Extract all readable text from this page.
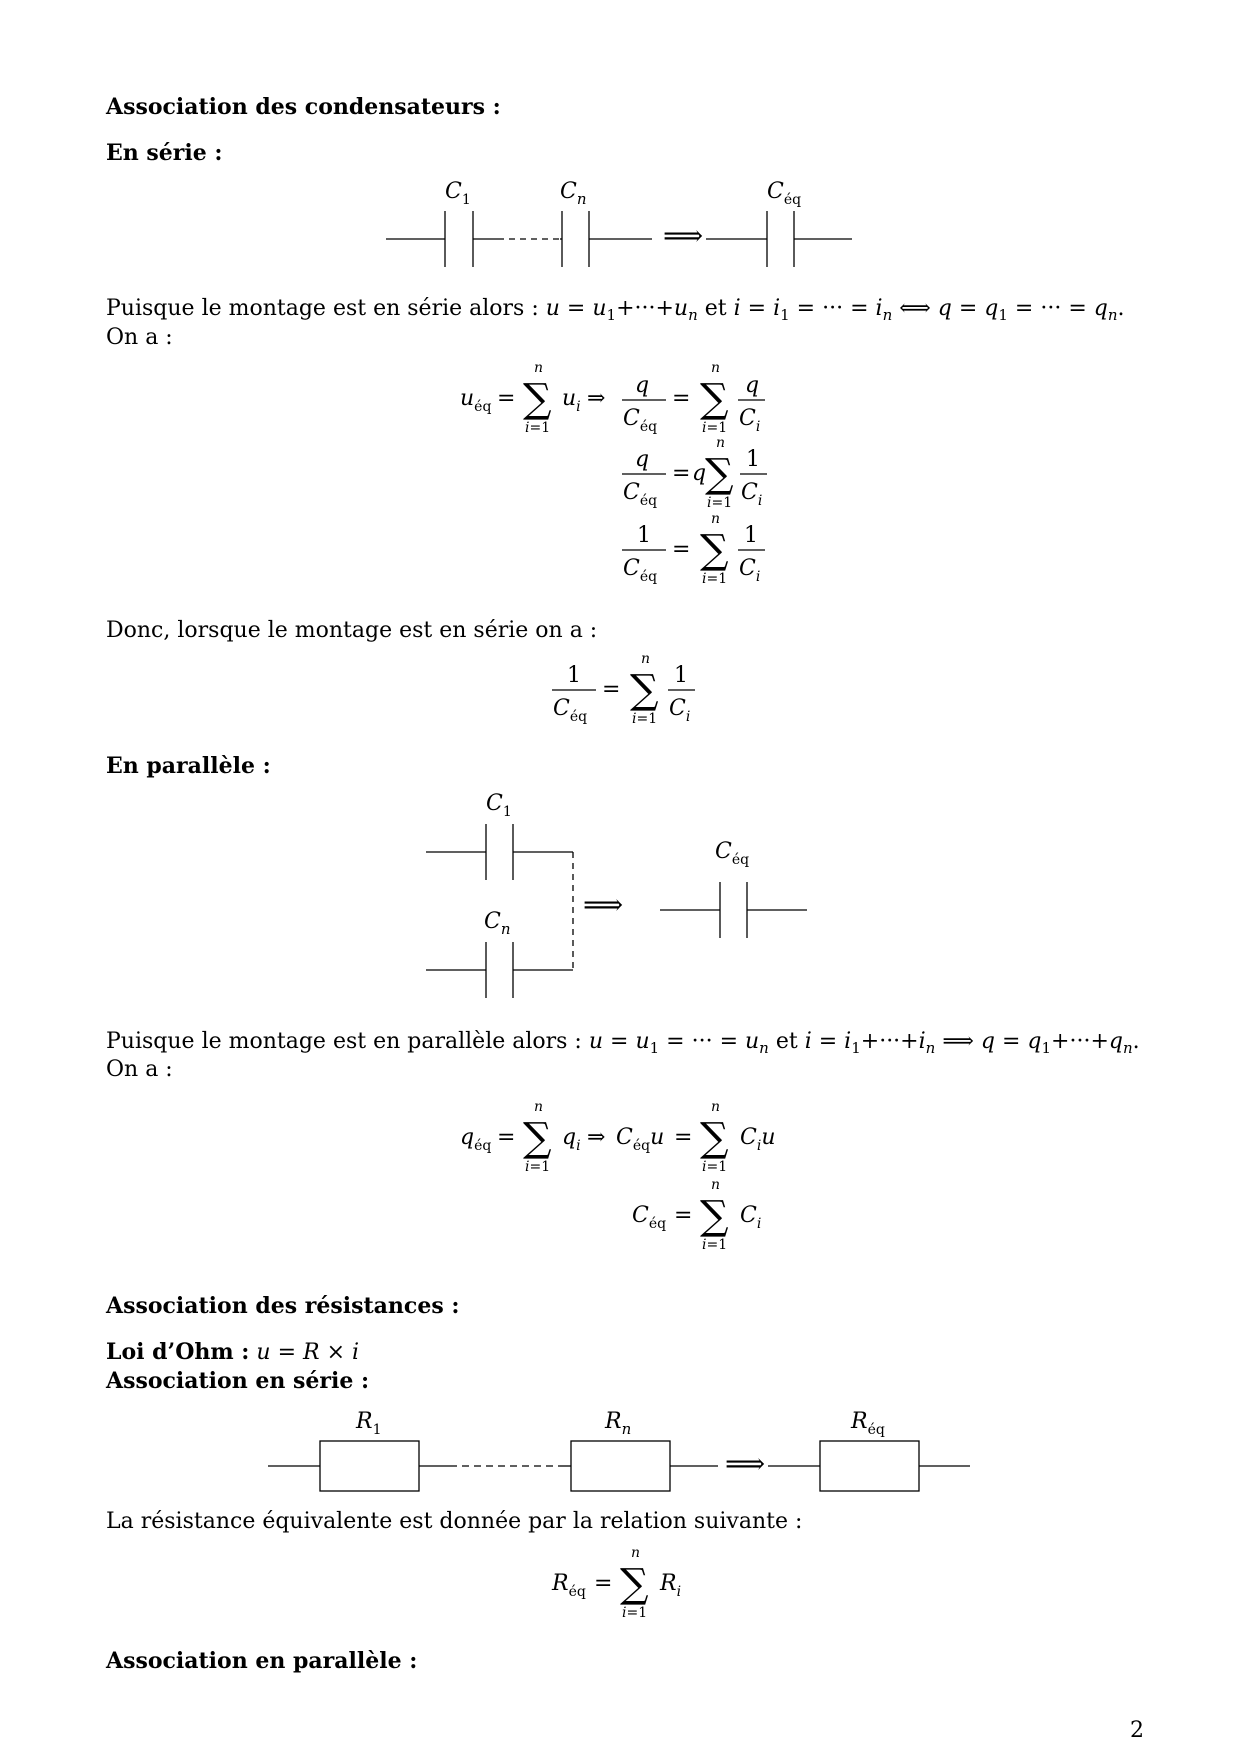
Association des condensateurs :
En série :
$C_1$	$C_n$
⟹
$C_{éq}$
Puisque le montage est en série alors : $u = u_1+\cdot\cdot\cdot+u_n$ et $i = i_1$ = ··· = $i_n$ ⟺ $q = q_1$ = ··· = $q_n$.
On a :
$u_{éq}$ = ∑
n
i=1
$u_i$ ⇒
q
$C_{éq}$
= ∑
n
i=1
q
$C_i$
q
$C_{éq}$
= q
∑
n
i=1
1
$C_i$
1
$C_{éq}$
= ∑
n
i=1
1
$C_i$
Donc, lorsque le montage est en série on a :
1
$C_{éq}$
= ∑
n
i=1
1
$C_i$
En parallèle :
$C_1$
$C_n$
⟹
$C_{éq}$
Puisque le montage est en parallèle alors : $u = u_1$ = ··· = $u_n$ et $i = i_1+\cdot\cdot\cdot+i_n$ ⟹ $q = q_1+\cdot\cdot\cdot+q_n$.
On a :
$q_{éq}$ = ∑
n
i=1
$q_i$ ⇒ $C_{éq}u$ = ∑
n
i=1
$C_iu$
$C_{éq}$ = ∑
n
i=1
$C_i$
Association des résistances :
Loi d’Ohm : u = R × i
Association en série :
$R_1$	$R_n$
⟹
$R_{éq}$
La résistance équivalente est donnée par la relation suivante :
$R_{éq}$ = ∑
n
i=1
$R_i$
Association en parallèle :
2
